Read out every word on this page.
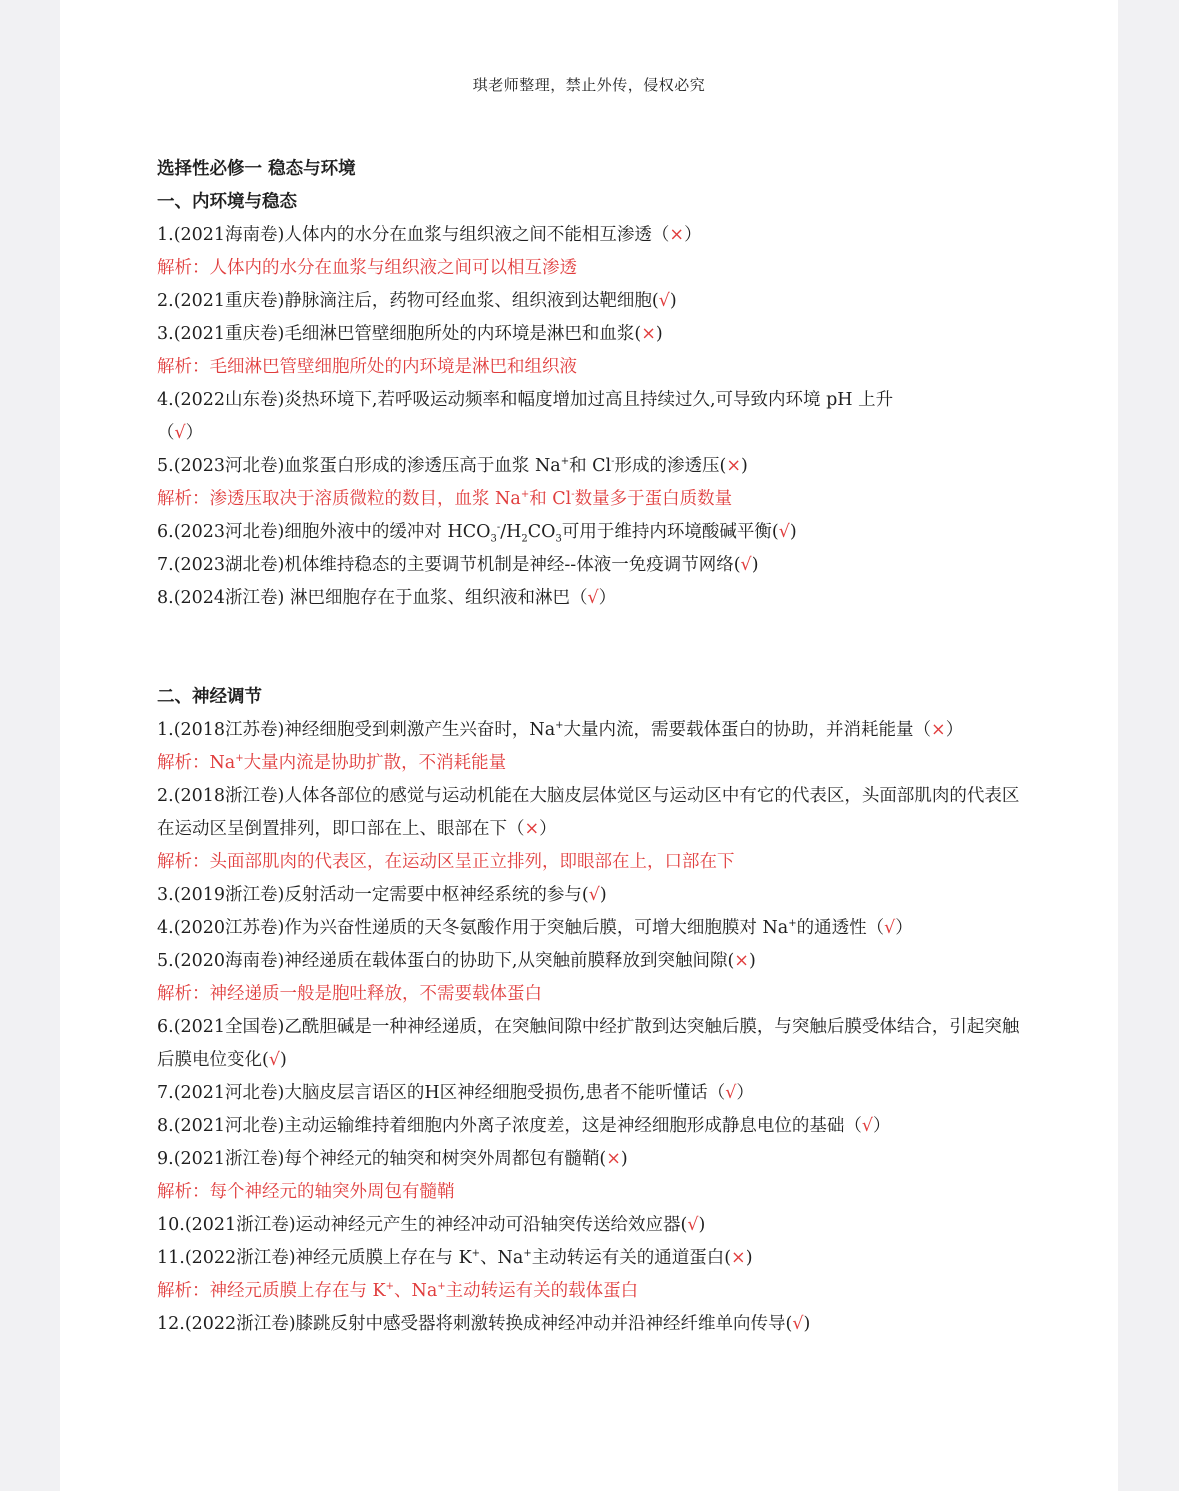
琪老师整理，禁止外传，侵权必究
选择性必修一 稳态与环境
一、内环境与稳态
1.(2021海南卷)人体内的水分在血浆与组织液之间不能相互渗透（×）
解析：人体内的水分在血浆与组织液之间可以相互渗透
2.(2021重庆卷)静脉滴注后，药物可经血浆、组织液到达靶细胞(√)
3.(2021重庆卷)毛细淋巴管壁细胞所处的内环境是淋巴和血浆(×)
解析：毛细淋巴管壁细胞所处的内环境是淋巴和组织液
4.(2022山东卷)炎热环境下,若呼吸运动频率和幅度增加过高且持续过久,可导致内环境 pH 上升
（√）
5.(2023河北卷)血浆蛋白形成的渗透压高于血浆 Na+和 Cl-形成的渗透压(×)
解析：渗透压取决于溶质微粒的数目，血浆 Na+和 Cl-数量多于蛋白质数量
6.(2023河北卷)细胞外液中的缓冲对 $HCO_3^-/H_2CO_3$可用于维持内环境酸碱平衡(√)
7.(2023湖北卷)机体维持稳态的主要调节机制是神经--体液一免疫调节网络(√)
8.(2024浙江卷) 淋巴细胞存在于血浆、组织液和淋巴（√）
二、神经调节
1.(2018江苏卷)神经细胞受到刺激产生兴奋时，Na+大量内流，需要载体蛋白的协助，并消耗能量（×）
解析：Na+大量内流是协助扩散，不消耗能量
2.(2018浙江卷)人体各部位的感觉与运动机能在大脑皮层体觉区与运动区中有它的代表区，头面部肌肉的代表区在运动区呈倒置排列，即口部在上、眼部在下（×）
解析：头面部肌肉的代表区，在运动区呈正立排列，即眼部在上，口部在下
3.(2019浙江卷)反射活动一定需要中枢神经系统的参与(√)
4.(2020江苏卷)作为兴奋性递质的天冬氨酸作用于突触后膜，可增大细胞膜对 Na+的通透性（√）
5.(2020海南卷)神经递质在载体蛋白的协助下,从突触前膜释放到突触间隙(×)
解析：神经递质一般是胞吐释放，不需要载体蛋白
6.(2021全国卷)乙酰胆碱是一种神经递质，在突触间隙中经扩散到达突触后膜，与突触后膜受体结合，引起突触后膜电位变化(√)
7.(2021河北卷)大脑皮层言语区的H区神经细胞受损伤,患者不能听懂话（√）
8.(2021河北卷)主动运输维持着细胞内外离子浓度差，这是神经细胞形成静息电位的基础（√）
9.(2021浙江卷)每个神经元的轴突和树突外周都包有髓鞘(×)
解析：每个神经元的轴突外周包有髓鞘
10.(2021浙江卷)运动神经元产生的神经冲动可沿轴突传送给效应器(√)
11.(2022浙江卷)神经元质膜上存在与 K+、Na+主动转运有关的通道蛋白(×)
解析：神经元质膜上存在与 K+、Na+主动转运有关的载体蛋白
12.(2022浙江卷)膝跳反射中感受器将刺激转换成神经冲动并沿神经纤维单向传导(√)
